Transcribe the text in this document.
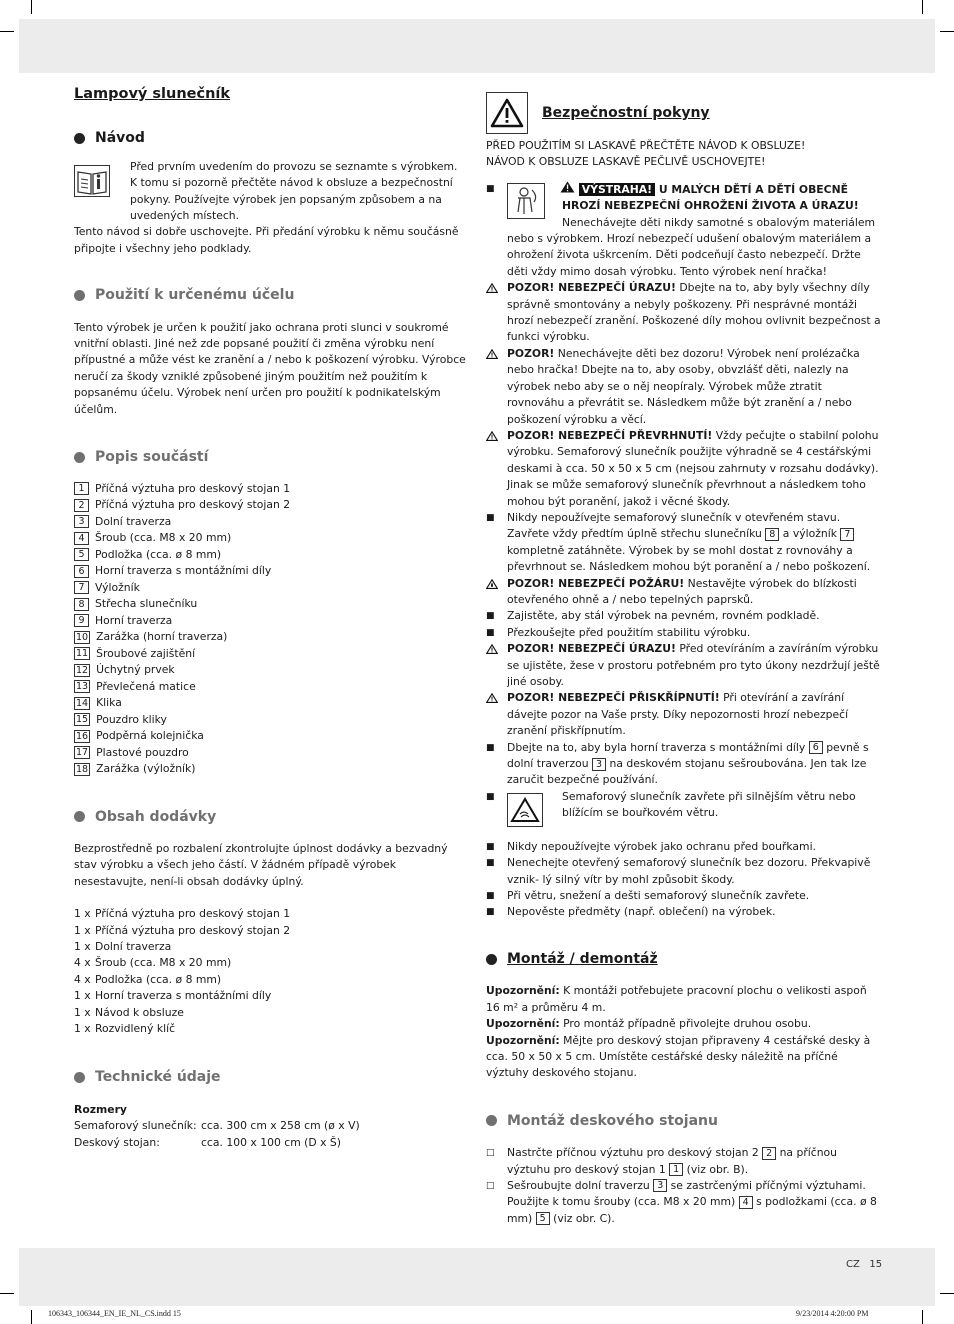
Lampový slunečník
Návod

Před prvním uvedením do provozu se seznamte s výrobkem. K tomu si pozorně přečtěte návod k obsluze a bezpečnostní pokyny. Používejte výrobek jen popsaným způsobem a na uvedených místech.

Tento návod si dobře uschovejte. Při předání výrobku k němu součásně připojte i všechny jeho podklady.

Použití k určenému účelu

Tento výrobek je určen k použití jako ochrana proti slunci v soukromé vnitřní oblasti. Jiné než zde popsané použití či změna výrobku není přípustné a může vést ke zranění a / nebo k poškození výrobku. Výrobce neručí za škody vzniklé způsobené jiným použitím než použitím k popsanému účelu. Výrobek není určen pro použití k podnikatelským účelům.

Popis součástí
1 Příčná výztuha pro deskový stojan 1
2 Příčná výztuha pro deskový stojan 2
3 Dolní traverza
4 Šroub (cca. M8 x 20 mm)
5 Podložka (cca. ø 8 mm)
6 Horní traverza s montážními díly
7 Výložník
8 Střecha slunečníku
9 Horní traverza
10 Zarážka (horní traverza)
11 Šroubové zajištění
12 Úchytný prvek
13 Převlečená matice
14 Klika
15 Pouzdro kliky
16 Podpěrná kolejnička
17 Plastové pouzdro
18 Zarážka (výložník)
Obsah dodávky

Bezprostředně po rozbalení zkontrolujte úplnost dodávky a bezvadný stav výrobku a všech jeho částí. V žádném případě výrobek nesestavujte, není-li obsah dodávky úplný.

1 x Příčná výztuha pro deskový stojan 1
1 x Příčná výztuha pro deskový stojan 2
1 x Dolní traverza
4 x Šroub (cca. M8 x 20 mm)
4 x Podložka (cca. ø 8 mm)
1 x Horní traverza s montážními díly
1 x Návod k obsluze
1 x Rozvidlený klíč
Technické údaje

Rozmery

Semaforový slunečník: cca. 300 cm x 258 cm (ø x V)
Deskový stojan:	cca. 100 x 100 cm (D x Š)
Bezpečnostní pokyny

PŘED POUŽITÍM SI LASKAVĚ PŘEČTĚTE NÁVOD K OBSLUZE!

NÁVOD K OBSLUZE LASKAVĚ PEČLIVĚ USCHOVEJTE!

■	VÝSTRAHA! U MALÝCH DĚTÍ A DĚTÍ OBECNĚ

HROZÍ NEBEZPEČNÍ OHROŽENÍ ŽIVOTA A ÚRAZU!

Nenechávejte děti nikdy samotné s obalovým materiálem nebo s výrobkem. Hrozí nebezpečí udušení obalovým materiálem a ohrožení života uškrcením. Děti podceňují často nebezpečí. Držte děti vždy mimo dosah výrobku. Tento výrobek není hračka!

POZOR! NEBEZPEČÍ ÚRAZU! Dbejte na to, aby byly všechny díly správně smontovány a nebyly poškozeny. Při nesprávné montáži hrozí nebezpečí zranění. Poškozené díly mohou ovlivnit bezpečnost a funkci výrobku.

POZOR! Nenechávejte děti bez dozoru! Výrobek není prolézačka nebo hračka! Dbejte na to, aby osoby, obvzlášť děti, nalezly na výrobek nebo aby se o něj neopíraly. Výrobek může ztratit rovnováhu a převrátit se. Následkem může být zranění a / nebo poškození výrobku a věcí.

POZOR! NEBEZPEČÍ PŘEVRHNUTÍ! Vždy pečujte o stabilní polohu výrobku. Semaforový slunečník použijte výhradně se 4 cestářskými deskami à cca. 50 x 50 x 5 cm (nejsou zahrnuty v rozsahu dodávky). Jinak se může semaforový slunečník převrhnout a následkem toho mohou být poranění, jakož i věcné škody.

■	Nikdy nepoužívejte semaforový slunečník v otevřeném stavu. Zavřete vždy předtím úplně střechu slunečníku 8 a výložník 7 kompletně zatáhněte. Výrobek by se mohl dostat z rovnováhy a převrhnout se. Následkem mohou být poranění a / nebo poškození.

POZOR! NEBEZPEČÍ POŽÁRU! Nestavějte výrobek do blízkosti otevřeného ohně a / nebo tepelných paprsků.

■	Zajistěte, aby stál výrobek na pevném, rovném podkladě.

■	Přezkoušejte před použitím stabilitu výrobku.

POZOR! NEBEZPEČÍ ÚRAZU! Před otevíráním a zavíráním výrobku se ujistěte, žese v prostoru potřebném pro tyto úkony nezdržují ještě jiné osoby.

POZOR! NEBEZPEČÍ PŘISKŘÍPNUTÍ! Při otevírání a zavírání dávejte pozor na Vaše prsty. Díky nepozornosti hrozí nebezpečí zranění přiskřípnutím.

■	Dbejte na to, aby byla horní traverza s montážními díly 6 pevně s dolní traverzou 3 na deskovém stojanu sešroubována. Jen tak lze zaručit bezpečné používání.

■	Semaforový slunečník zavřete při silnějším větru nebo blížícím se bouřkovém větru.

■	Nikdy nepoužívejte výrobek jako ochranu před bouřkami.

■	Nenechejte otevřený semaforový slunečník bez dozoru. Překvapivě vznik- lý silný vítr by mohl způsobit škody.

■	Při větru, snežení a dešti semaforový slunečník zavřete.

■	Nepověste předměty (např. oblečení) na výrobek.

Montáž / demontáž

Upozornění: K montáži potřebujete pracovní plochu o velikosti aspoň 16 m² a průměru 4 m.

Upozornění: Pro montáž případně přivolejte druhou osobu.

Upozornění: Mějte pro deskový stojan připraveny 4 cestářské desky à cca. 50 x 50 x 5 cm. Umístěte cestářské desky náležitě na příčné výztuhy deskového stojanu.

Montáž deskového stojanu
□	Nastrčte příčnou výztuhu pro deskový stojan 2 2 na příčnou výztuhu pro deskový stojan 1 1 (viz obr. B).

□	Sešroubujte dolní traverzu 3 se zastrčenými příčnými výztuhami. Použijte k tomu šrouby (cca. M8 x 20 mm) 4 s podložkami (cca. ø 8 mm) 5 (viz obr. C).

CZ 15
106343_106344_EN_IE_NL_CS.indd 15	9/23/2014 4:20:00 PM
